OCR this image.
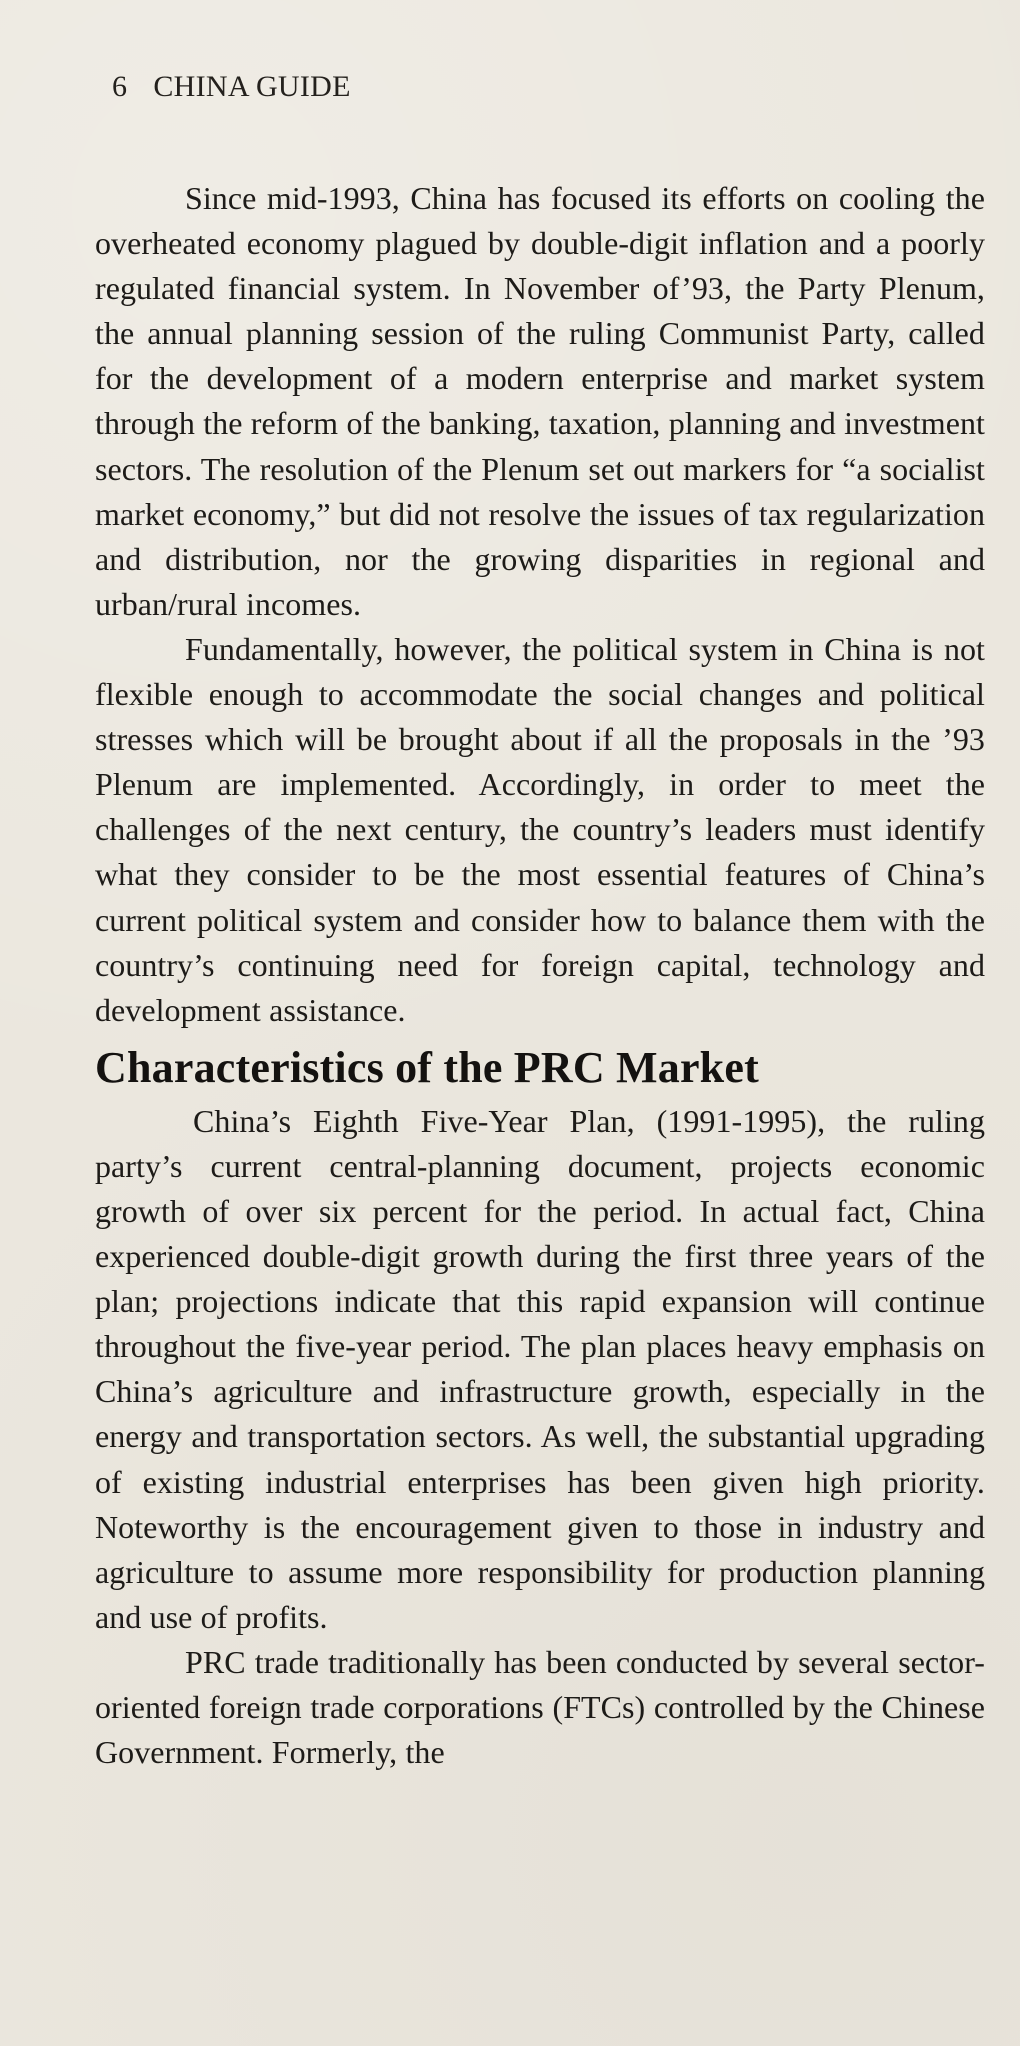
6 CHINA GUIDE

Since mid-1993, China has focused its efforts on cooling the overheated economy plagued by double-digit inflation and a poorly regulated financial system. In November of’93, the Party Plenum, the annual planning session of the ruling Communist Party, called for the development of a modern enterprise and market system through the reform of the banking, taxation, planning and investment sectors. The resolution of the Plenum set out markers for “a socialist market economy,” but did not resolve the issues of tax regularization and distribution, nor the growing disparities in regional and urban/rural incomes.

Fundamentally, however, the political system in China is not flexible enough to accommodate the social changes and political stresses which will be brought about if all the proposals in the ’93 Plenum are implemented. Accordingly, in order to meet the challenges of the next century, the country’s leaders must identify what they consider to be the most essential features of China’s current political system and consider how to balance them with the country’s continuing need for foreign capital, technology and development assistance.

Characteristics of the PRC Market

China’s Eighth Five-Year Plan, (1991-1995), the ruling party’s current central-planning document, projects economic growth of over six percent for the period. In actual fact, China experienced double-digit growth during the first three years of the plan; projections indicate that this rapid expansion will continue throughout the five-year period. The plan places heavy emphasis on China’s agriculture and infrastructure growth, especially in the energy and transportation sectors. As well, the substantial upgrading of existing industrial enterprises has been given high priority. Noteworthy is the encouragement given to those in industry and agriculture to assume more responsibility for production planning and use of profits.

PRC trade traditionally has been conducted by several sector-oriented foreign trade corporations (FTCs) controlled by the Chinese Government. Formerly, the
